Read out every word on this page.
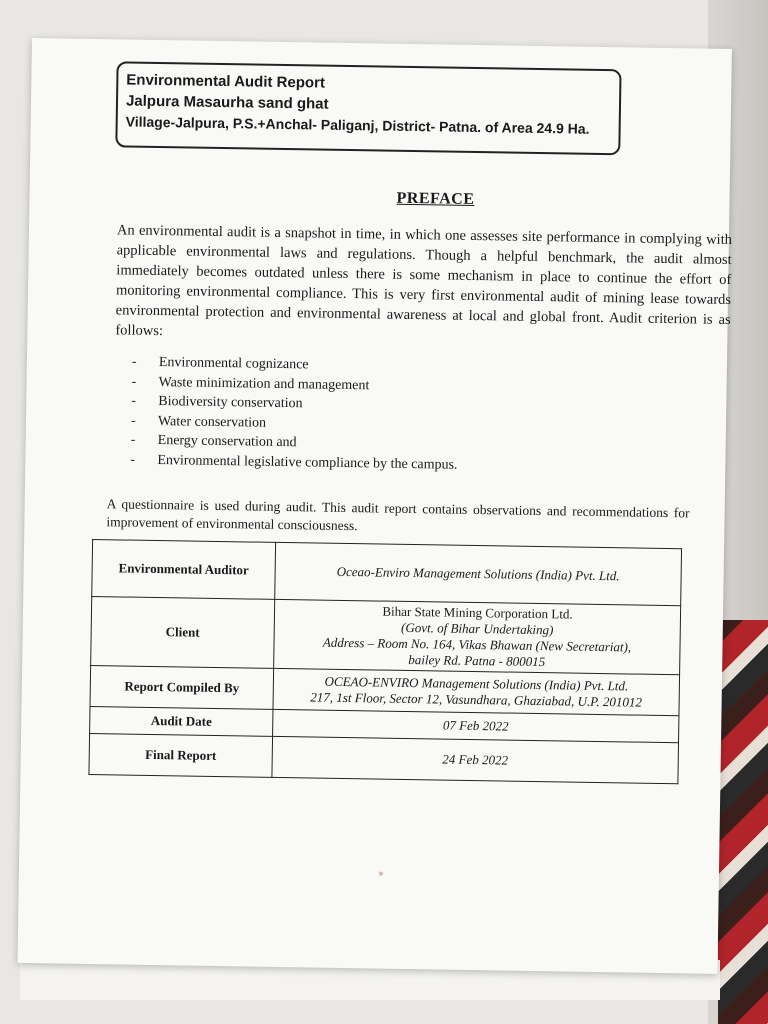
Environmental Audit Report
Jalpura Masaurha sand ghat
Village-Jalpura, P.S.+Anchal- Paliganj, District- Patna. of Area 24.9 Ha.
PREFACE

An environmental audit is a snapshot in time, in which one assesses site performance in complying with applicable environmental laws and regulations. Though a helpful benchmark, the audit almost immediately becomes outdated unless there is some mechanism in place to continue the effort of monitoring environmental compliance. This is very first environmental audit of mining lease towards environmental protection and environmental awareness at local and global front. Audit criterion is as follows:

- Environmental cognizance
- Waste minimization and management
- Biodiversity conservation
- Water conservation
- Energy conservation and
- Environmental legislative compliance by the campus.

A questionnaire is used during audit. This audit report contains observations and recommendations for improvement of environmental consciousness.

Environmental Auditor	Oceao-Enviro Management Solutions (India) Pvt. Ltd.
Client	Bihar State Mining Corporation Ltd.
(Govt. of Bihar Undertaking)
Address – Room No. 164, Vikas Bhawan (New Secretariat),
bailey Rd. Patna - 800015

Report Compiled By	OCEAO-ENVIRO Management Solutions (India) Pvt. Ltd.
217, 1st Floor, Sector 12, Vasundhara, Ghaziabad, U.P. 201012

Audit Date	07 Feb 2022
Final Report	24 Feb 2022
